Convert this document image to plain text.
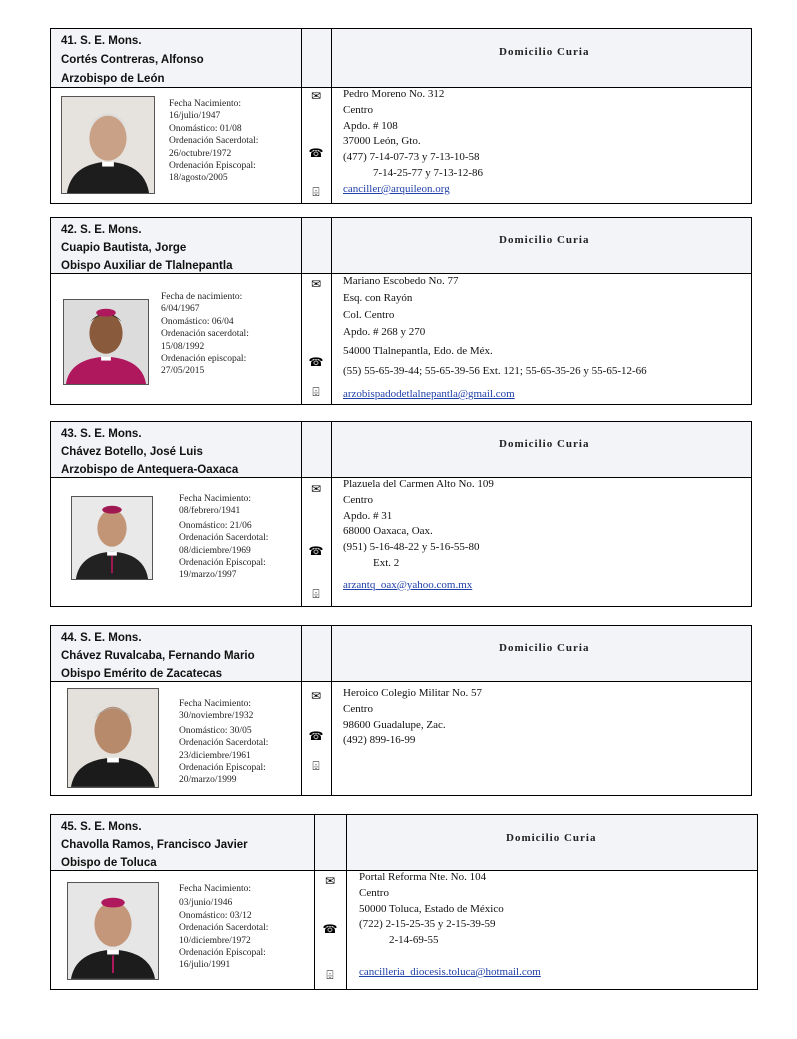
41. S. E. Mons.
Cortés Contreras, Alfonso
Arzobispo de León
Domicilio Curia
Fecha Nacimiento:
16/julio/1947
Onomástico: 01/08
Ordenación Sacerdotal:
26/octubre/1972
Ordenación Episcopal:
18/agosto/2005
✉
☎
⌹
Pedro Moreno No. 312
Centro
Apdo. # 108
37000 León, Gto.
(477) 7-14-07-73 y 7-13-10-58
7-14-25-77 y 7-13-12-86
canciller@arquileon.org
42. S. E. Mons.
Cuapio Bautista, Jorge
Obispo Auxiliar de Tlalnepantla
Domicilio Curia
Fecha de nacimiento:
6/04/1967
Onomástico: 06/04
Ordenación sacerdotal:
15/08/1992
Ordenación episcopal:
27/05/2015
✉
☎
⌹
Mariano Escobedo No. 77
Esq. con Rayón
Col. Centro
Apdo. # 268 y 270
54000 Tlalnepantla, Edo. de Méx.
(55) 55-65-39-44; 55-65-39-56 Ext. 121; 55-65-35-26 y 55-65-12-66
arzobispadodetlalnepantla@gmail.com
43. S. E. Mons.
Chávez Botello, José Luis
Arzobispo de Antequera-Oaxaca
Domicilio Curia
Fecha Nacimiento:
08/febrero/1941
Onomástico: 21/06
Ordenación Sacerdotal:
08/diciembre/1969
Ordenación Episcopal:
19/marzo/1997
✉
☎
⌹
Plazuela del Carmen Alto No. 109
Centro
Apdo. # 31
68000 Oaxaca, Oax.
(951) 5-16-48-22 y 5-16-55-80
Ext. 2
arzantq_oax@yahoo.com.mx
44. S. E. Mons.
Chávez Ruvalcaba, Fernando Mario
Obispo Emérito de Zacatecas
Domicilio Curia
Fecha Nacimiento:
30/noviembre/1932
Onomástico: 30/05
Ordenación Sacerdotal:
23/diciembre/1961
Ordenación Episcopal:
20/marzo/1999
✉
☎
⌹
Heroico Colegio Militar No. 57
Centro
98600 Guadalupe, Zac.
(492) 899-16-99
45. S. E. Mons.
Chavolla Ramos, Francisco Javier
Obispo de Toluca
Domicilio Curia
Fecha Nacimiento:
03/junio/1946
Onomástico: 03/12
Ordenación Sacerdotal:
10/diciembre/1972
Ordenación Episcopal:
16/julio/1991
✉
☎
⌹
Portal Reforma Nte. No. 104
Centro
50000 Toluca, Estado de México
(722) 2-15-25-35 y 2-15-39-59
2-14-69-55
cancilleria_diocesis.toluca@hotmail.com
